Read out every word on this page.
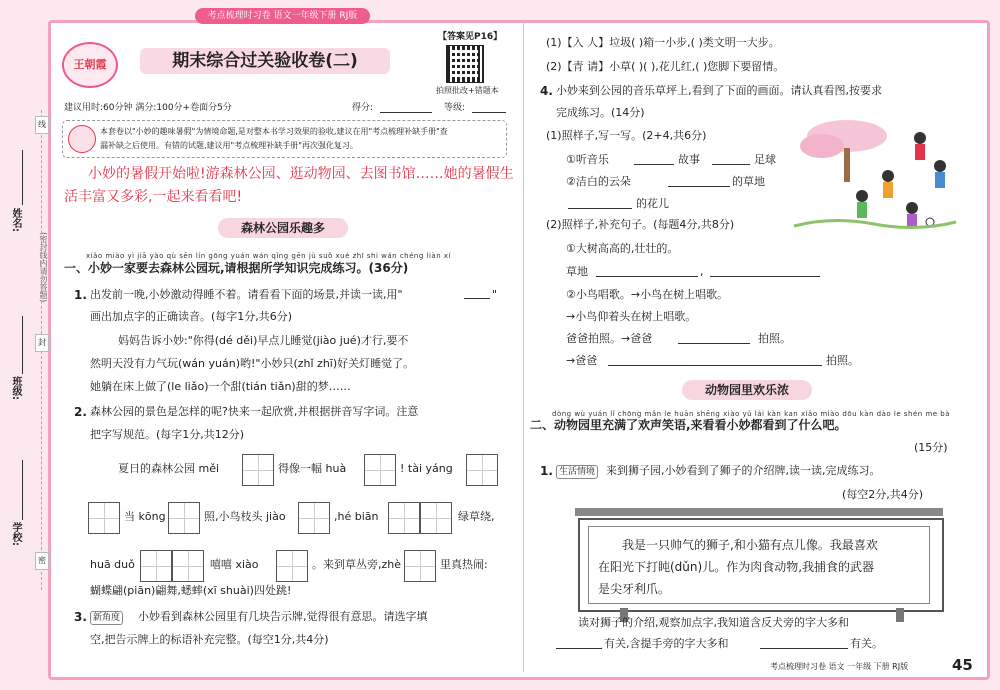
考点梳理时习卷 语文一年级下册 RJ版
姓名:
班级:
学校:
(密封线内请勿答题)
线
封
密
王朝霞	期末综合过关验收卷(二)
【答案见P16】
拍照批改+错题本
建议用时:60分钟 满分:100分+卷面分5分	得分:	等级:
本套卷以"小妙的趣味暑假"为情境命题,是对整本书学习效果的验收,建议在用"考点梳理补缺手册"查
漏补缺之后使用。有错的试题,建议用"考点梳理补缺手册"再次强化复习。
小妙的暑假开始啦!游森林公园、逛动物园、去图书馆……她的暑假生
活丰富又多彩,一起来看看吧!
森林公园乐趣多
xiǎo miào yì jiā yào qù sēn lín gōng yuán wán qǐng gēn jù suǒ xué zhī shi wán chéng liàn xí
一、小妙一家要去森林公园玩,请根据所学知识完成练习。(36分)
1. 出发前一晚,小妙激动得睡不着。请看看下面的场景,并读一读,用"	"
画出加点字的正确读音。(每字1分,共6分)
妈妈告诉小妙:"你得(dé děi)早点儿睡觉(jiào jué)才行,要不
然明天没有力气玩(wán yuán)哟!"小妙只(zhǐ zhī)好关灯睡觉了。
她躺在床上做了(le liǎo)一个甜(tián tiǎn)甜的梦……
2. 森林公园的景色是怎样的呢?快来一起欣赏,并根据拼音写字词。注意
把字写规范。(每字1分,共12分)
夏日的森林公园 měi	得像一幅 huà	! tài yáng
当 kōng	照,小鸟枝头 jiào	,hé biān	绿草绕,
huā duǒ	嘻嘻 xiào	。来到草丛旁,zhè	里真热闹:
蝴蝶翩(piān)翩舞,蟋蟀(xī shuài)四处跳!
3. 新角度 小妙看到森林公园里有几块告示牌,觉得很有意思。请选字填
空,把告示牌上的标语补充完整。(每空1分,共4分)
(1)【入 人】垃圾( )箱一小步,( )类文明一大步。
(2)【青 请】小草( )( ),花儿红,( )您脚下要留情。
4. 小妙来到公园的音乐草坪上,看到了下面的画面。请认真看图,按要求
完成练习。(14分)
(1)照样子,写一写。(2+4,共6分)
①听音乐	故事	足球
②洁白的云朵	的草地
的花儿
(2)照样子,补充句子。(每题4分,共8分)
①大树高高的,壮壮的。
草地	,
②小鸟唱歌。→小鸟在树上唱歌。
→小鸟仰着头在树上唱歌。
爸爸拍照。→爸爸	拍照。
→爸爸	拍照。
动物园里欢乐浓
dòng wù yuán lǐ chōng mǎn le huān shēng xiào yǔ lái kàn kan xiǎo miào dōu kàn dào le shén me bà
二、动物园里充满了欢声笑语,来看看小妙都看到了什么吧。
(15分)
1. 生活情境 来到狮子园,小妙看到了狮子的介绍牌,读一读,完成练习。
(每空2分,共4分)
我是一只帅气的狮子,和小猫有点儿像。我最喜欢
在阳光下打盹(dǔn)儿。作为肉食动物,我捕食的武器
是尖牙利爪。
读对狮子的介绍,观察加点字,我知道含反犬旁的字大多和
有关,含提手旁的字大多和	有关。
考点梳理时习卷 语文 一年级 下册 RJ版	45
